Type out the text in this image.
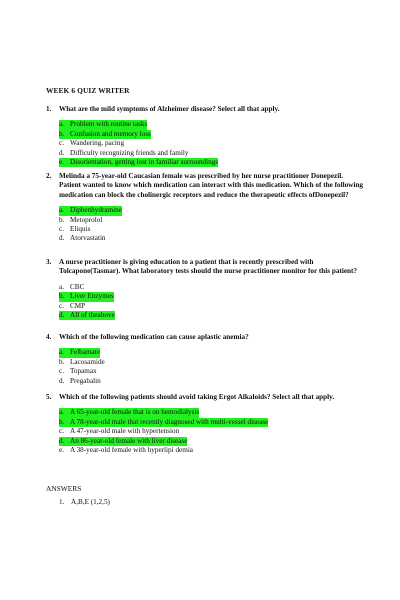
WEEK 6 QUIZ WRITER
1.	What are the mild symptoms of Alzheimer disease? Select all that apply.
a. Problem with routine tasks
b. Confusion and memory loss
c. Wandering, pacing
d. Difficulty recognizing friends and family
e. Disorientation, getting lost in familiar surroundings
2.	Melinda a 75-year-old Caucasian female was prescribed by her nurse practitioner Donepezil. Patient wanted to know which medication can interact with this medication. Which of the following medication can block the cholinergic receptors and reduce the therapeutic effects ofDonepezil?
a. Diphenhydramine
b. Metoprolol
c. Eliquis
d. Atorvastatin
3.	A nurse practitioner is giving education to a patient that is recently prescribed with Tolcapone(Tasmar). What laboratory tests should the nurse practitioner monitor for this patient?
a. CBC
b. Liver Enzymes
c. CMP
d. All of theabove
4.	Which of the following medication can cause aplastic anemia?
a. Felbamate
b. Lacosamide
c. Topamax
d. Pregabalin
5.	Which of the following patients should avoid taking Ergot Alkaloids? Select all that apply.
a. A 65-year-old female that is on hemodialysis
b. A 78-year-old male that recently diagnosed with multi-vessel disease
c. A 47-year-old male with hypertension
d. An 86-year-old female with liver disease
e. A 38-year-old female with hyperlipi demia
ANSWERS
1. A,B,E (1,2,5)
